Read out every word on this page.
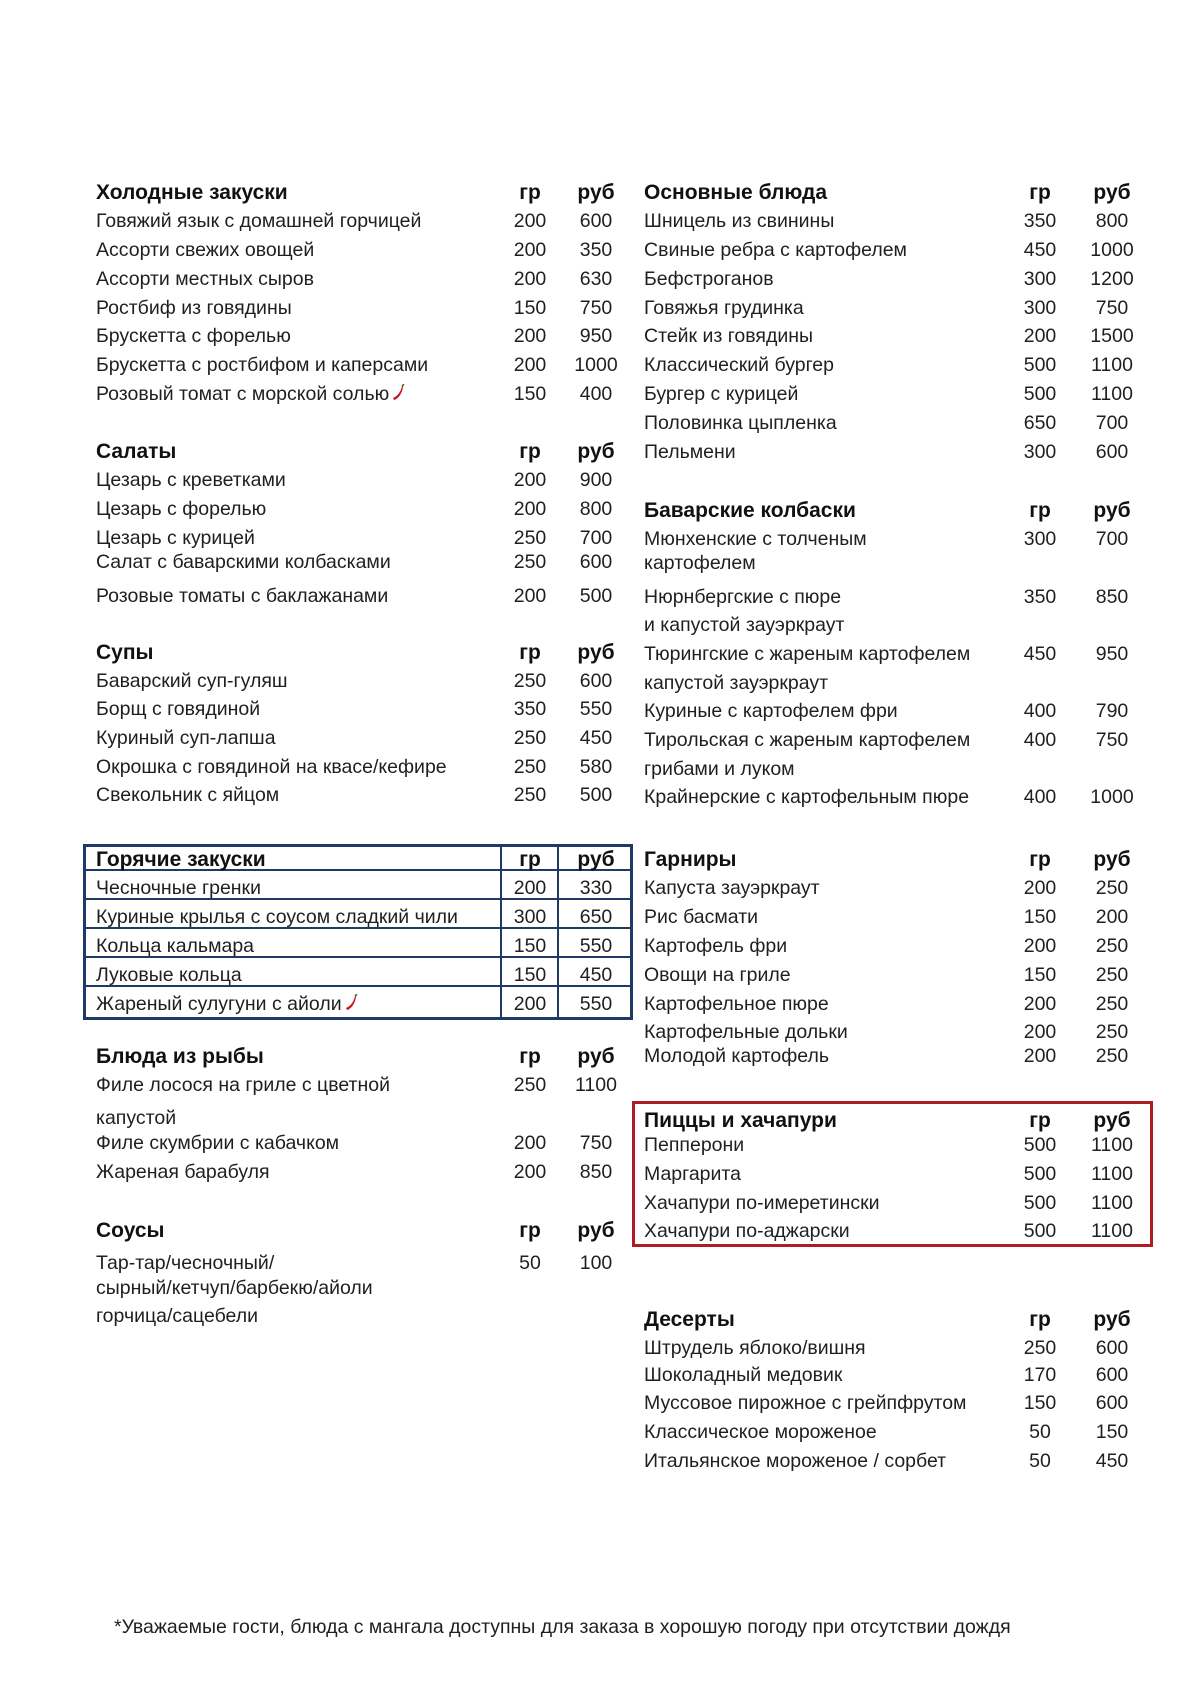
Холодные закуски	гр	руб
Говяжий язык с домашней горчицей	200	600
Ассорти свежих овощей	200	350
Ассорти местных сыров	200	630
Ростбиф из говядины	150	750
Брускетта с форелью	200	950
Брускетта с ростбифом и каперсами	200	1000
Розовый томат с морской солью	150	400
Салаты	гр	руб
Цезарь с креветками	200	900
Цезарь с форелью	200	800
Цезарь с курицей	250	700
Салат с баварскими колбасками	250	600
Розовые томаты с баклажанами	200	500
Супы	гр	руб
Баварский суп-гуляш	250	600
Борщ с говядиной	350	550
Куриный суп-лапша	250	450
Окрошка с говядиной на квасе/кефире	250	580
Свекольник с яйцом	250	500
Горячие закуски	гр	руб
Чесночные гренки	200	330
Куриные крылья с соусом сладкий чили	300	650
Кольца кальмара	150	550
Луковые кольца	150	450
Жареный сулугуни с айоли	200	550
Блюда из рыбы	гр	руб
Филе лосося на гриле с цветной	250	1100
капустой
Филе скумбрии с кабачком	200	750
Жареная барабуля	200	850
Соусы	гр	руб
Тар-тар/чесночный/	50	100
сырный/кетчуп/барбекю/айоли
горчица/сацебели
Основные блюда	гр	руб
Шницель из свинины	350	800
Свиные ребра с картофелем	450	1000
Бефстроганов	300	1200
Говяжья грудинка	300	750
Стейк из говядины	200	1500
Классический бургер	500	1100
Бургер с курицей	500	1100
Половинка цыпленка	650	700
Пельмени	300	600
Баварские колбаски	гр	руб
Мюнхенские с толченым	300	700
картофелем
Нюрнбергские с пюре	350	850
и капустой зауэркраут
Тюрингские с жареным картофелем	450	950
капустой зауэркраут
Куриные с картофелем фри	400	790
Тирольская с жареным картофелем	400	750
грибами и луком
Крайнерские с картофельным пюре	400	1000
Гарниры	гр	руб
Капуста зауэркраут	200	250
Рис басмати	150	200
Картофель фри	200	250
Овощи на гриле	150	250
Картофельное пюре	200	250
Картофельные дольки	200	250
Молодой картофель	200	250
Пиццы и хачапури	гр	руб
Пепперони	500	1100
Маргарита	500	1100
Хачапури по-имеретински	500	1100
Хачапури по-аджарски	500	1100
Десерты	гр	руб
Штрудель яблоко/вишня	250	600
Шоколадный медовик	170	600
Муссовое пирожное с грейпфрутом	150	600
Классическое мороженое	50	150
Итальянское мороженое / сорбет	50	450
*Уважаемые гости, блюда с мангала доступны для заказа в хорошую погоду при отсутствии дождя
